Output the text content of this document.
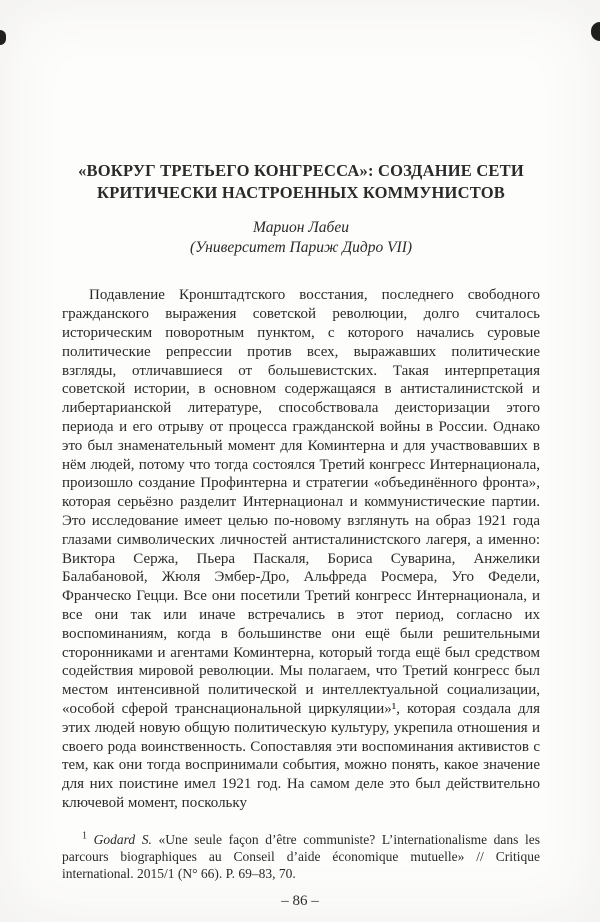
«ВОКРУГ ТРЕТЬЕГО КОНГРЕССА»: СОЗДАНИЕ СЕТИ
КРИТИЧЕСКИ НАСТРОЕННЫХ КОММУНИСТОВ
Марион Лабеи
(Университет Париж Дидро VII)

Подавление Кронштадтского восстания, последнего свободного гражданского выражения советской революции, долго считалось историческим поворотным пунктом, с которого начались суровые политические репрессии против всех, выражавших политические взгляды, отличавшиеся от большевистских. Такая интерпретация советской истории, в основном содержащаяся в антисталинистской и либертарианской литературе, способствовала деисторизации этого периода и его отрыву от процесса гражданской войны в России. Однако это был знаменательный момент для Коминтерна и для участвовавших в нём людей, потому что тогда состоялся Третий конгресс Интернационала, произошло создание Профинтерна и стратегии «объединённого фронта», которая серьёзно разделит Интернационал и коммунистические партии. Это исследование имеет целью по-новому взглянуть на образ 1921 года глазами символических личностей антисталинистского лагеря, а именно: Виктора Сержа, Пьера Паскаля, Бориса Суварина, Анжелики Балабановой, Жюля Эмбер-Дро, Альфреда Росмера, Уго Федели, Франческо Гецци. Все они посетили Третий конгресс Интернационала, и все они так или иначе встречались в этот период, согласно их воспоминаниям, когда в большинстве они ещё были решительными сторонниками и агентами Коминтерна, который тогда ещё был средством содействия мировой революции. Мы полагаем, что Третий конгресс был местом интенсивной политической и интеллектуальной социализации, «особой сферой транснациональной циркуляции»¹, которая создала для этих людей новую общую политическую культуру, укрепила отношения и своего рода воинственность. Сопоставляя эти воспоминания активистов с тем, как они тогда воспринимали события, можно понять, какое значение для них поистине имел 1921 год. На самом деле это был действительно ключевой момент, поскольку

$^1$ Godard S. «Une seule façon d’être communiste? L’internationalisme dans les parcours biographiques au Conseil d’aide économique mutuelle» // Critique international. 2015/1 (N° 66). P. 69–83, 70.

– 86 –
